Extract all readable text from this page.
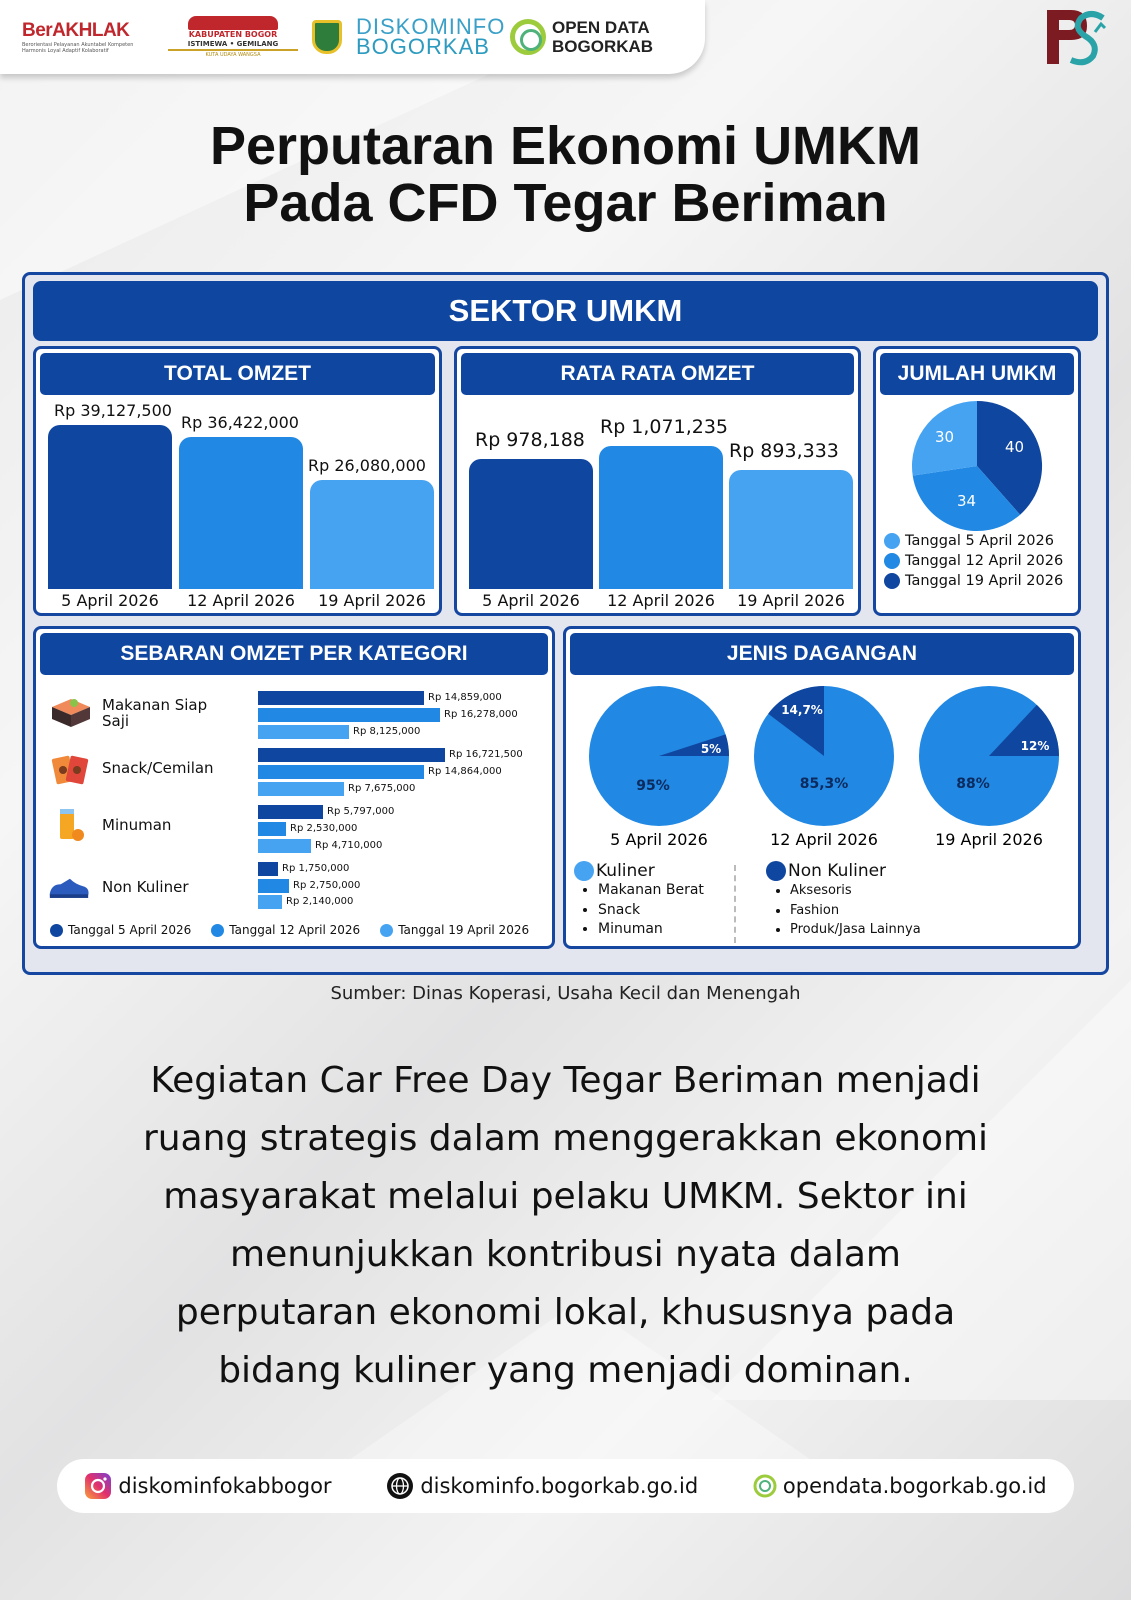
BerAKHLAK
Berorientasi Pelayanan Akuntabel Kompeten Harmonis Loyal Adaptif Kolaboratif
KABUPATEN BOGOR
ISTIMEWA • GEMILANG
KUTA UDAYA WANGSA
DISKOMINFO
BOGORKAB
OPEN DATA
BOGORKAB
Perputaran Ekonomi UMKM
Pada CFD Tegar Beriman
SEKTOR UMKM
TOTAL OMZET
Rp 39,127,500
Rp 36,422,000
Rp 26,080,000
5 April 2026	12 April 2026	19 April 2026
RATA RATA OMZET
Rp 978,188
Rp 1,071,235
Rp 893,333
5 April 2026	12 April 2026	19 April 2026
JUMLAH UMKM
30
34
40
Tanggal 5 April 2026
Tanggal 12 April 2026
Tanggal 19 April 2026
SEBARAN OMZET PER KATEGORI
Makanan Siap Saji
Rp 14,859,000
Rp 16,278,000
Rp 8,125,000
Snack/Cemilan
Rp 16,721,500
Rp 14,864,000
Rp 7,675,000
Minuman
Rp 5,797,000
Rp 2,530,000
Rp 4,710,000
Non Kuliner
Rp 1,750,000
Rp 2,750,000
Rp 2,140,000
Tanggal 5 April 2026	Tanggal 12 April 2026	Tanggal 19 April 2026
JENIS DAGANGAN
5%
95%
5 April 2026
14,7%
85,3%
12 April 2026
12%
88%
19 April 2026
Kuliner
• Makanan Berat
• Snack
• Minuman
Non Kuliner
• Aksesoris
• Fashion
• Produk/Jasa Lainnya
Sumber: Dinas Koperasi, Usaha Kecil dan Menengah
Kegiatan Car Free Day Tegar Beriman menjadi
ruang strategis dalam menggerakkan ekonomi
masyarakat melalui pelaku UMKM. Sektor ini
menunjukkan kontribusi nyata dalam
perputaran ekonomi lokal, khususnya pada
bidang kuliner yang menjadi dominan.
diskominfokabbogor	diskominfo.bogorkab.go.id	opendata.bogorkab.go.id
